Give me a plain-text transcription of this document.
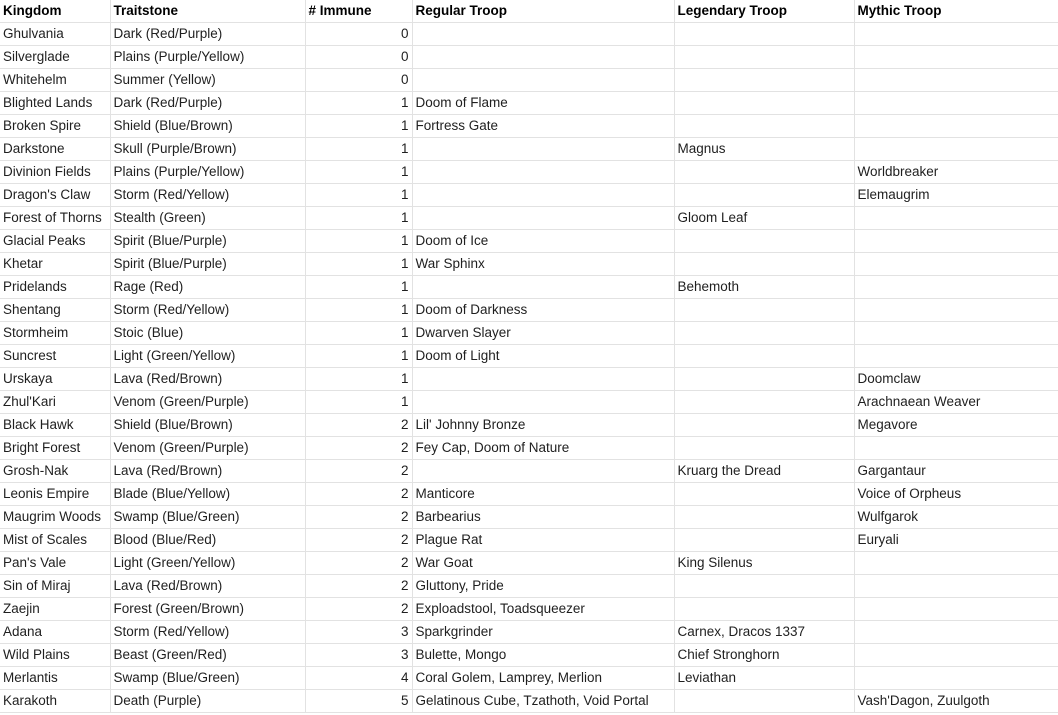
Kingdom	Traitstone	# Immune	Regular Troop	Legendary Troop	Mythic Troop
Ghulvania	Dark (Red/Purple)	0			
Silverglade	Plains (Purple/Yellow)	0			
Whitehelm	Summer (Yellow)	0			
Blighted Lands	Dark (Red/Purple)	1	Doom of Flame		
Broken Spire	Shield (Blue/Brown)	1	Fortress Gate		
Darkstone	Skull (Purple/Brown)	1		Magnus	
Divinion Fields	Plains (Purple/Yellow)	1			Worldbreaker
Dragon's Claw	Storm (Red/Yellow)	1			Elemaugrim
Forest of Thorns	Stealth (Green)	1		Gloom Leaf	
Glacial Peaks	Spirit (Blue/Purple)	1	Doom of Ice		
Khetar	Spirit (Blue/Purple)	1	War Sphinx		
Pridelands	Rage (Red)	1		Behemoth	
Shentang	Storm (Red/Yellow)	1	Doom of Darkness		
Stormheim	Stoic (Blue)	1	Dwarven Slayer		
Suncrest	Light (Green/Yellow)	1	Doom of Light		
Urskaya	Lava (Red/Brown)	1			Doomclaw
Zhul'Kari	Venom (Green/Purple)	1			Arachnaean Weaver
Black Hawk	Shield (Blue/Brown)	2	Lil' Johnny Bronze		Megavore
Bright Forest	Venom (Green/Purple)	2	Fey Cap, Doom of Nature		
Grosh-Nak	Lava (Red/Brown)	2		Kruarg the Dread	Gargantaur
Leonis Empire	Blade (Blue/Yellow)	2	Manticore		Voice of Orpheus
Maugrim Woods	Swamp (Blue/Green)	2	Barbearius		Wulfgarok
Mist of Scales	Blood (Blue/Red)	2	Plague Rat		Euryali
Pan's Vale	Light (Green/Yellow)	2	War Goat	King Silenus	
Sin of Miraj	Lava (Red/Brown)	2	Gluttony, Pride		
Zaejin	Forest (Green/Brown)	2	Exploadstool, Toadsqueezer		
Adana	Storm (Red/Yellow)	3	Sparkgrinder	Carnex, Dracos 1337	
Wild Plains	Beast (Green/Red)	3	Bulette, Mongo	Chief Stronghorn	
Merlantis	Swamp (Blue/Green)	4	Coral Golem, Lamprey, Merlion	Leviathan	
Karakoth	Death (Purple)	5	Gelatinous Cube, Tzathoth, Void Portal		Vash'Dagon, Zuulgoth
